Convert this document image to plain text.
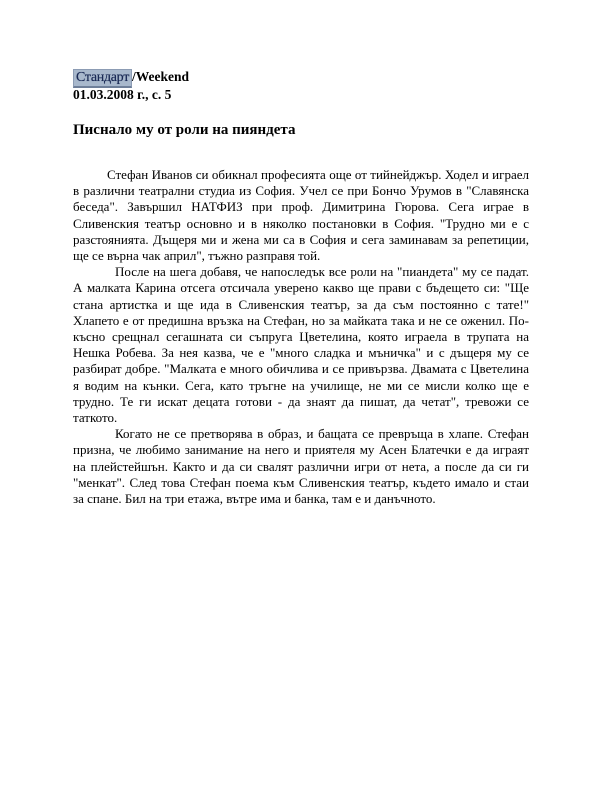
Стандарт /Weekend
01.03.2008 г., с. 5
Писнало му от роли на пияндета

Стефан Иванов си обикнал професията още от тийнейджър. Ходел и играел в различни театрални студиа из София. Учел се при Бончо Урумов в "Славянска беседа". Завършил НАТФИЗ при проф. Димитрина Гюрова. Сега играе в Сливенския театър основно и в няколко постановки в София. "Трудно ми е с разстоянията. Дъщеря ми и жена ми са в София и сега заминавам за репетиции, ще се върна чак април", тъжно разправя той.

После на шега добавя, че напоследък все роли на "пиандета" му се падат. А малката Карина отсега отсичала уверено какво ще прави с бъдещето си: "Ще стана артистка и ще ида в Сливенския театър, за да съм постоянно с тате!" Хлапето е от предишна връзка на Стефан, но за майката така и не се оженил. По-късно срещнал сегашната си съпруга Цветелина, която играела в трупата на Нешка Робева. За нея казва, че е "много сладка и мъничка" и с дъщеря му се разбират добре. "Малката е много обичлива и се привързва. Двамата с Цветелина я водим на кънки. Сега, като тръгне на училище, не ми се мисли колко ще е трудно. Те ги искат децата готови - да знаят да пишат, да четат", тревожи се таткото.

Когато не се претворява в образ, и бащата се превръща в хлапе. Стефан призна, че любимо занимание на него и приятеля му Асен Блатечки е да играят на плейстейшън. Както и да си свалят различни игри от нета, а после да си ги "менкат". След това Стефан поема към Сливенския театър, където имало и стаи за спане. Бил на три етажа, вътре има и банка, там е и данъчното.
